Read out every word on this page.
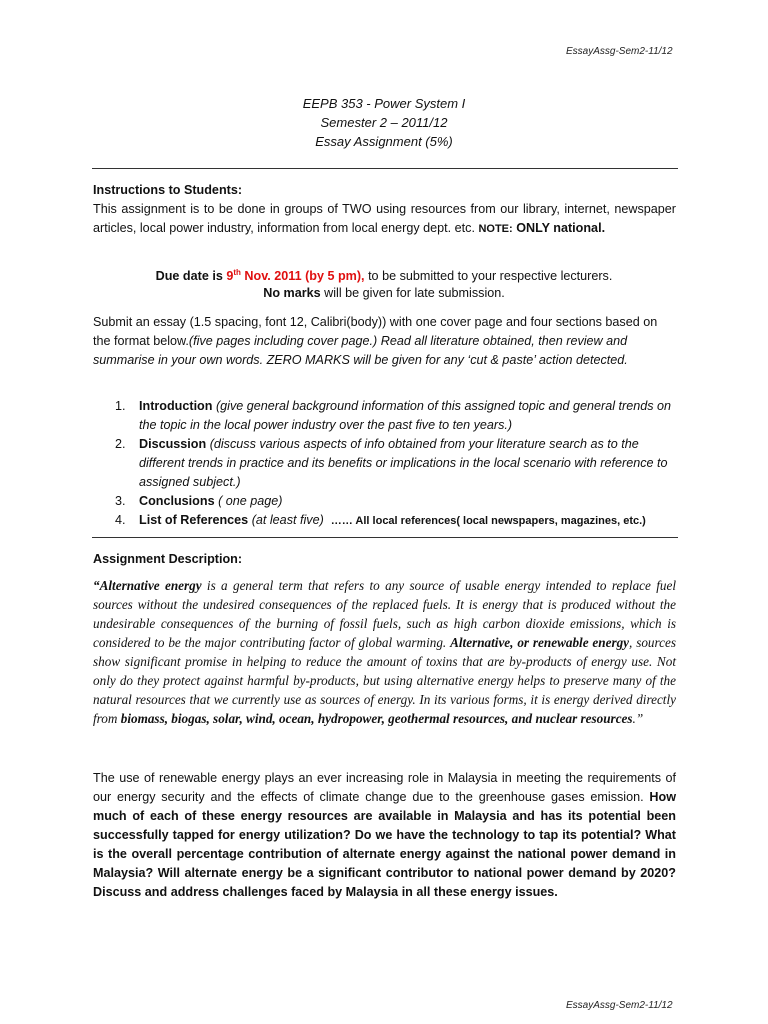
EssayAssg-Sem2-11/12
EEPB 353 - Power System I
Semester 2 – 2011/12
Essay Assignment (5%)
Instructions to Students:
This assignment is to be done in groups of TWO using resources from our library, internet, newspaper articles, local power industry, information from local energy dept. etc. NOTE: ONLY national.
Due date is 9th Nov. 2011 (by 5 pm), to be submitted to your respective lecturers.
No marks will be given for late submission.
Submit an essay (1.5 spacing, font 12, Calibri(body)) with one cover page and four sections based on the format below.(five pages including cover page.) Read all literature obtained, then review and summarise in your own words. ZERO MARKS will be given for any ‘cut & paste’ action detected.
1. Introduction (give general background information of this assigned topic and general trends on the topic in the local power industry over the past five to ten years.)
2. Discussion (discuss various aspects of info obtained from your literature search as to the different trends in practice and its benefits or implications in the local scenario with reference to assigned subject.)
3. Conclusions ( one page)
4. List of References (at least five) …… All local references( local newspapers, magazines, etc.)
Assignment Description:
“Alternative energy is a general term that refers to any source of usable energy intended to replace fuel sources without the undesired consequences of the replaced fuels. It is energy that is produced without the undesirable consequences of the burning of fossil fuels, such as high carbon dioxide emissions, which is considered to be the major contributing factor of global warming. Alternative, or renewable energy, sources show significant promise in helping to reduce the amount of toxins that are by-products of energy use. Not only do they protect against harmful by-products, but using alternative energy helps to preserve many of the natural resources that we currently use as sources of energy. In its various forms, it is energy derived directly from biomass, biogas, solar, wind, ocean, hydropower, geothermal resources, and nuclear resources.”
The use of renewable energy plays an ever increasing role in Malaysia in meeting the requirements of our energy security and the effects of climate change due to the greenhouse gases emission. How much of each of these energy resources are available in Malaysia and has its potential been successfully tapped for energy utilization? Do we have the technology to tap its potential? What is the overall percentage contribution of alternate energy against the national power demand in Malaysia? Will alternate energy be a significant contributor to national power demand by 2020? Discuss and address challenges faced by Malaysia in all these energy issues.
EssayAssg-Sem2-11/12
